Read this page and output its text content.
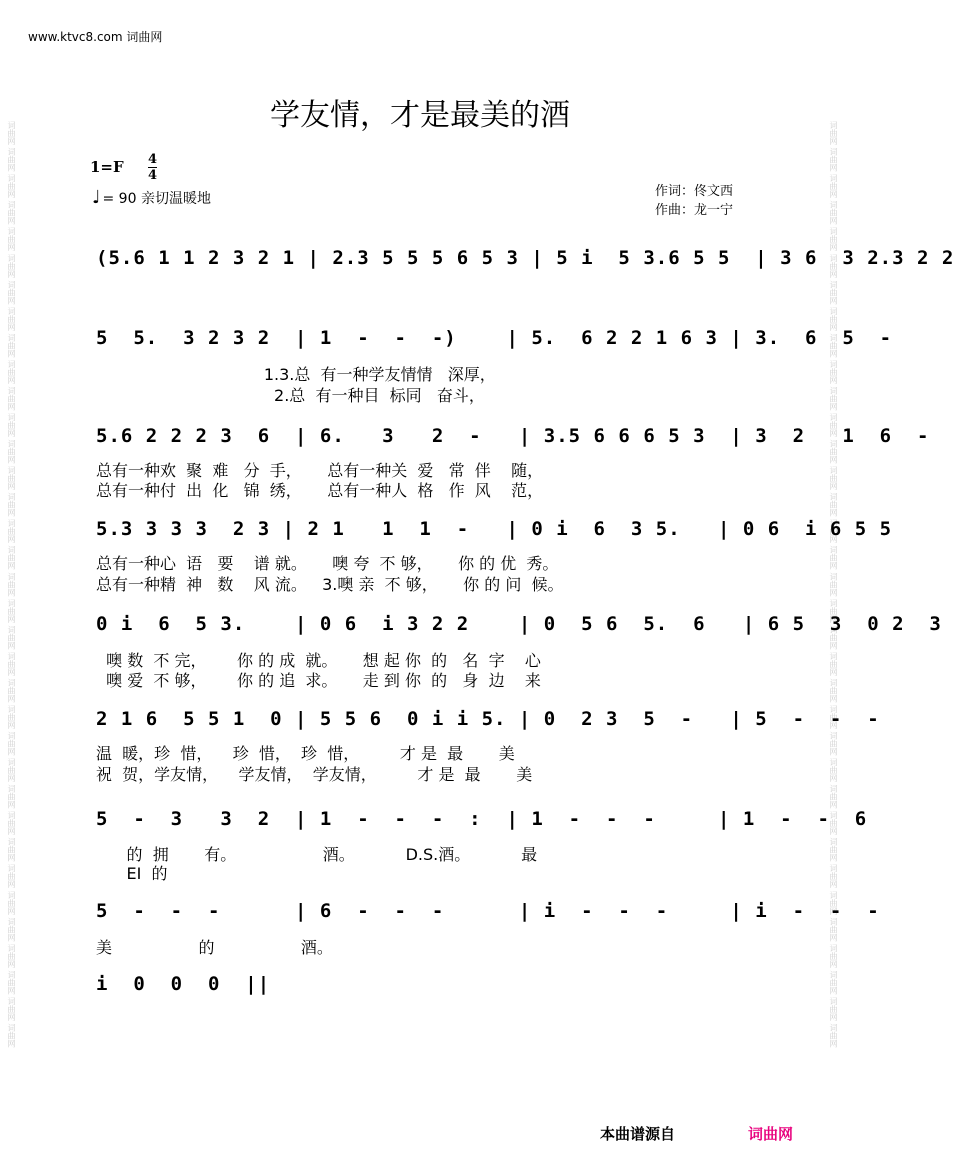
词曲网 词曲网 词曲网 词曲网 词曲网 词曲网 词曲网 词曲网 词曲网 词曲网 词曲网 词曲网 词曲网 词曲网 词曲网 词曲网 词曲网 词曲网 词曲网 词曲网 词曲网 词曲网 词曲网 词曲网 词曲网 词曲网 词曲网 词曲网 词曲网 词曲网 词曲网 词曲网 词曲网 词曲网 词曲网	词曲网 词曲网 词曲网 词曲网 词曲网 词曲网 词曲网 词曲网 词曲网 词曲网 词曲网 词曲网 词曲网 词曲网 词曲网 词曲网 词曲网 词曲网 词曲网 词曲网 词曲网 词曲网 词曲网 词曲网 词曲网 词曲网 词曲网 词曲网 词曲网 词曲网 词曲网 词曲网 词曲网 词曲网 词曲网
www.ktvc8.com 词曲网
学友情，才是最美的酒
1=F 4
4
♩ = 90 亲切温暖地	作词：佟文西
作曲：龙一宁
(5.6 1 1 2 3 2 1 | 2.3 5 5 5 6 5 3 | 5 i  5 3.6 5 5  | 3 6  3 2.3 2 2
5  5.  3 2 3 2  | 1  -  -  -)    | 5.  6 2 2 1 6 3 | 3.  6  5  -
1.3.总  有一种学友情情   深厚，
2.总  有一种目  标同   奋斗，
5.6 2 2 2 3  6  | 6.   3   2  -   | 3.5 6 6 6 5 3  | 3  2   1  6  -
总有一种欢  聚  难   分  手，     总有一种关  爱   常  伴    随，
总有一种付  出  化   锦  绣，     总有一种人  格   作  风    范，
5.3 3 3 3  2 3 | 2 1   1  1  -   | 0 i  6  3 5.   | 0 6  i 6 5 5
总有一种心  语   要    谱 就。     噢 夸  不 够，     你 的 优  秀。
总有一种精  神   数    风 流。   3.噢 亲  不 够，     你 的 问  候。
0 i  6  5 3.    | 0 6  i 3 2 2    | 0  5 6  5.  6   | 6 5  3  0 2  3
噢 数  不 完，      你 的 成  就。     想 起 你  的   名  字    心
噢 爱  不 够，      你 的 追  求。     走 到 你  的   身  边    来
2 1 6  5 5 1  0 | 5 5 6  0 i i 5. | 0  2 3  5  -   | 5  -  -  -
温  暖，珍  惜，    珍  惜，  珍  惜，        才 是  最       美
祝  贺，学友情，    学友情，  学友情，        才 是  最       美
5  -  3   3  2  | 1  -  -  -  :  | 1  -  -  -     | 1  -  -  6
的  拥       有。                 酒。          D.S.酒。          最
EI  的
5  -  -  -      | 6  -  -  -      | i  -  -  -     | i  -  -  -
美                 的                 酒。
i  0  0  0  ||
本曲谱源自	词曲网
